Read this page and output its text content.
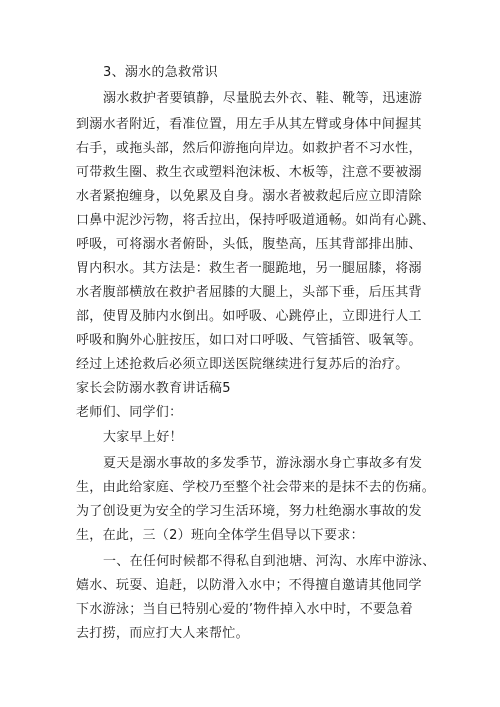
3、溺水的急救常识
溺水救护者要镇静，尽量脱去外衣、鞋、靴等，迅速游
到溺水者附近，看准位置，用左手从其左臂或身体中间握其
右手，或拖头部，然后仰游拖向岸边。如救护者不习水性，
可带救生圈、救生衣或塑料泡沫板、木板等，注意不要被溺
水者紧抱缠身，以免累及自身。溺水者被救起后应立即清除
口鼻中泥沙污物，将舌拉出，保持呼吸道通畅。如尚有心跳、
呼吸，可将溺水者俯卧，头低，腹垫高，压其背部排出肺、
胃内积水。其方法是：救生者一腿跪地，另一腿屈膝，将溺
水者腹部横放在救护者屈膝的大腿上，头部下垂，后压其背
部，使胃及肺内水倒出。如呼吸、心跳停止，立即进行人工
呼吸和胸外心脏按压，如口对口呼吸、气管插管、吸氧等。
经过上述抢救后必须立即送医院继续进行复苏后的治疗。
家长会防溺水教育讲话稿5
老师们、同学们：
大家早上好！
夏天是溺水事故的多发季节，游泳溺水身亡事故多有发
生，由此给家庭、学校乃至整个社会带来的是抹不去的伤痛。
为了创设更为安全的学习生活环境，努力杜绝溺水事故的发
生，在此，三（2）班向全体学生倡导以下要求：
一、在任何时候都不得私自到池塘、河沟、水库中游泳、
嬉水、玩耍、追赶，以防滑入水中；不得擅自邀请其他同学
下水游泳；当自已特别心爱的’物件掉入水中时，不要急着
去打捞，而应打大人来帮忙。
